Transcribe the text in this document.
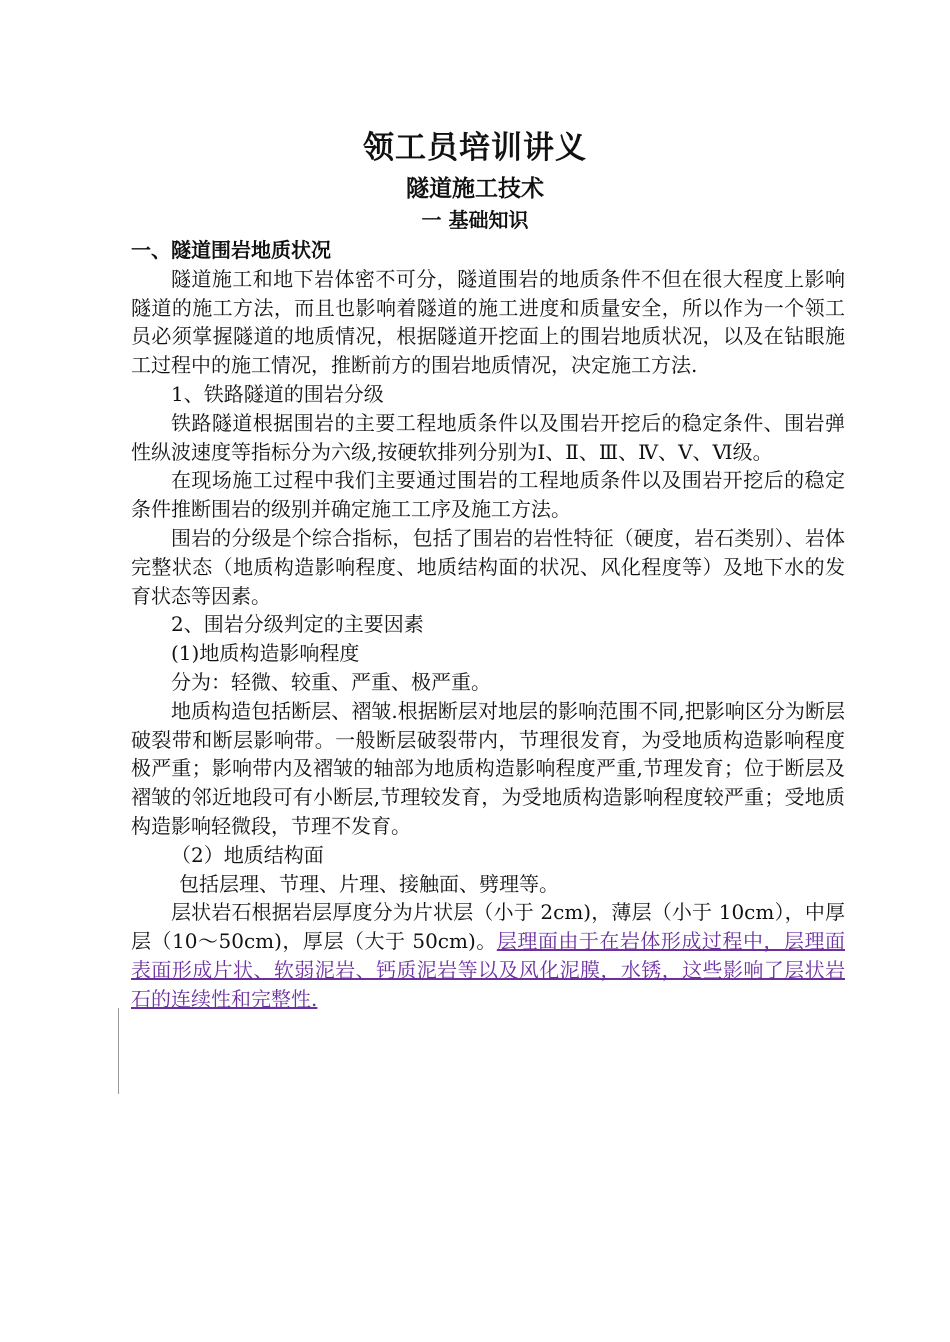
领工员培训讲义
隧道施工技术
一 基础知识

一、隧道围岩地质状况

隧道施工和地下岩体密不可分，隧道围岩的地质条件不但在很大程度上影响隧道的施工方法，而且也影响着隧道的施工进度和质量安全，所以作为一个领工员必须掌握隧道的地质情况，根据隧道开挖面上的围岩地质状况，以及在钻眼施工过程中的施工情况，推断前方的围岩地质情况，决定施工方法.

1、铁路隧道的围岩分级

铁路隧道根据围岩的主要工程地质条件以及围岩开挖后的稳定条件、围岩弹性纵波速度等指标分为六级,按硬软排列分别为Ⅰ、Ⅱ、Ⅲ、Ⅳ、Ⅴ、Ⅵ级。

在现场施工过程中我们主要通过围岩的工程地质条件以及围岩开挖后的稳定条件推断围岩的级别并确定施工工序及施工方法。

围岩的分级是个综合指标，包括了围岩的岩性特征（硬度，岩石类别）、岩体完整状态（地质构造影响程度、地质结构面的状况、风化程度等）及地下水的发育状态等因素。

2、围岩分级判定的主要因素

(1)地质构造影响程度

分为：轻微、较重、严重、极严重。

地质构造包括断层、褶皱.根据断层对地层的影响范围不同,把影响区分为断层破裂带和断层影响带。一般断层破裂带内，节理很发育，为受地质构造影响程度极严重；影响带内及褶皱的轴部为地质构造影响程度严重,节理发育；位于断层及褶皱的邻近地段可有小断层,节理较发育，为受地质构造影响程度较严重；受地质构造影响轻微段，节理不发育。

（2）地质结构面

包括层理、节理、片理、接触面、劈理等。

层状岩石根据岩层厚度分为片状层（小于 2cm)，薄层（小于 10cm），中厚层（10～50cm)，厚层（大于 50cm)。层理面由于在岩体形成过程中，层理面表面形成片状、软弱泥岩、钙质泥岩等以及风化泥膜，水锈，这些影响了层状岩石的连续性和完整性.
